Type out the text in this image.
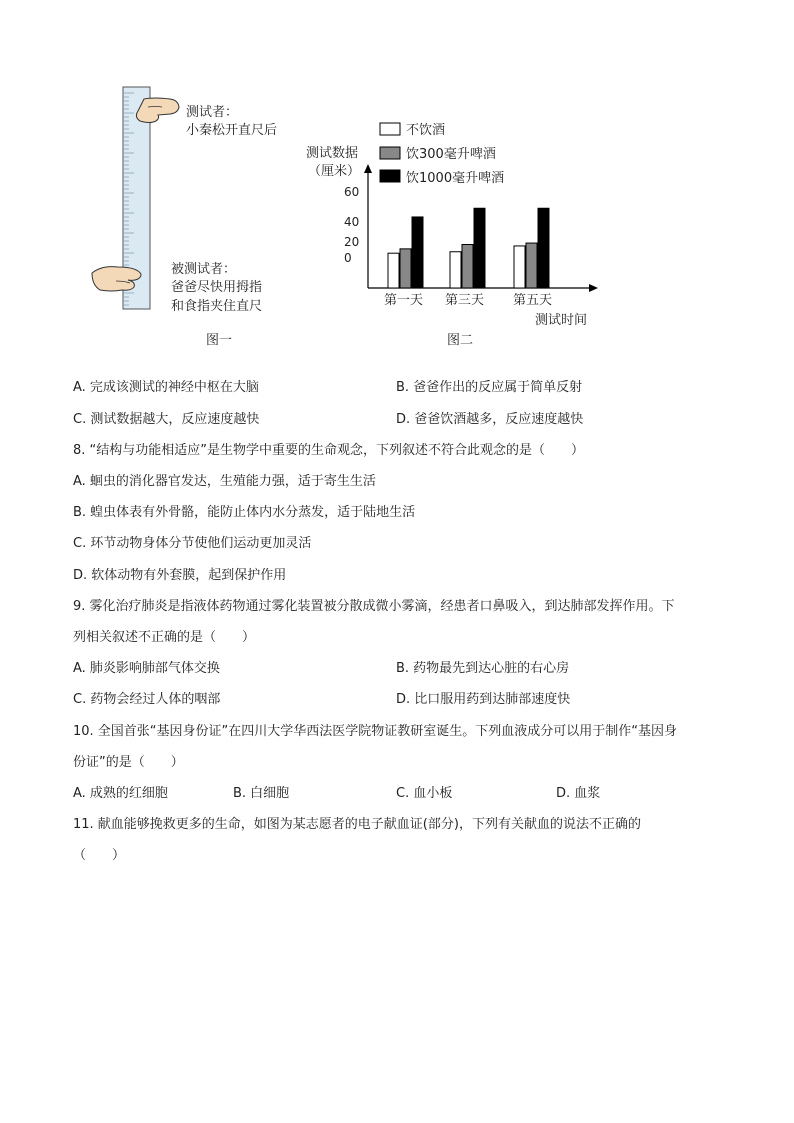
测试者：
小秦松开直尺后
被测试者：
爸爸尽快用拇指
和食指夹住直尺
图一
测试数据
（厘米）
60
40
20
0
第一天 第三天 第五天
测试时间
不饮酒
饮300毫升啤酒
饮1000毫升啤酒
图二
A. 完成该测试的神经中枢在大脑	B. 爸爸作出的反应属于简单反射
C. 测试数据越大，反应速度越快	D. 爸爸饮酒越多，反应速度越快
8. “结构与功能相适应”是生物学中重要的生命观念，下列叙述不符合此观念的是（　　）
A. 蛔虫的消化器官发达，生殖能力强，适于寄生生活
B. 蝗虫体表有外骨骼，能防止体内水分蒸发，适于陆地生活
C. 环节动物身体分节使他们运动更加灵活
D. 软体动物有外套膜，起到保护作用
9. 雾化治疗肺炎是指液体药物通过雾化装置被分散成微小雾滴，经患者口鼻吸入，到达肺部发挥作用。下
列相关叙述不正确的是（　　）
A. 肺炎影响肺部气体交换	B. 药物最先到达心脏的右心房
C. 药物会经过人体的咽部	D. 比口服用药到达肺部速度快
10. 全国首张“基因身份证”在四川大学华西法医学院物证教研室诞生。下列血液成分可以用于制作“基因身
份证”的是（　　）
A. 成熟的红细胞	B. 白细胞	C. 血小板	D. 血浆
11. 献血能够挽救更多的生命，如图为某志愿者的电子献血证(部分)，下列有关献血的说法不正确的
（　　）
